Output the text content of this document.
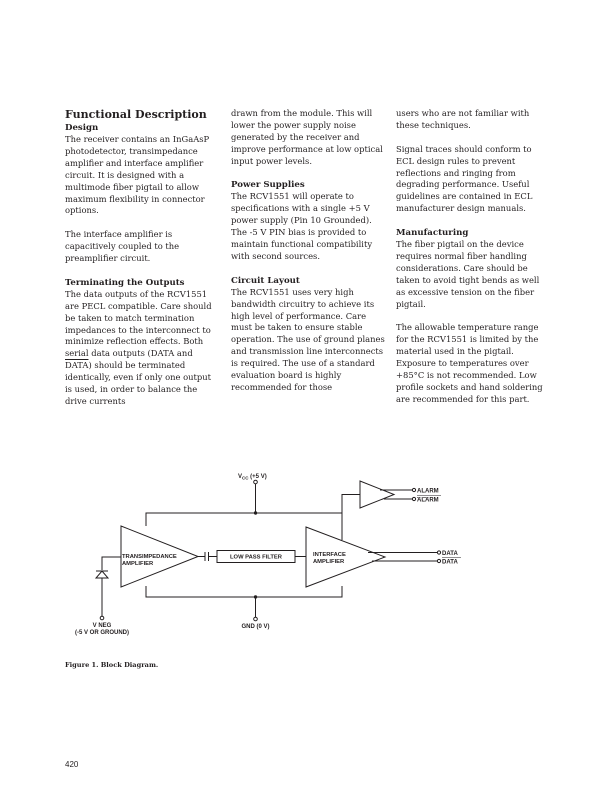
Functional Description
Design

The receiver contains an InGaAsP photodetector, transimpedance amplifier and interface amplifier circuit. It is designed with a multimode fiber pigtail to allow maximum flexibility in connector options.

The interface amplifier is capacitively coupled to the preamplifier circuit.

Terminating the Outputs

The data outputs of the RCV1551 are PECL compatible. Care should be taken to match termination impedances to the interconnect to minimize reflection effects. Both serial data outputs (DATA and DATA) should be terminated identically, even if only one output is used, in order to balance the drive currents

drawn from the module. This will lower the power supply noise generated by the receiver and improve performance at low optical input power levels.

Power Supplies

The RCV1551 will operate to specifications with a single +5 V power supply (Pin 10 Grounded). The -5 V PIN bias is provided to maintain functional compatibility with second sources.

Circuit Layout

The RCV1551 uses very high bandwidth circuitry to achieve its high level of performance. Care must be taken to ensure stable operation. The use of ground planes and transmission line interconnects is required. The use of a standard evaluation board is highly recommended for those

users who are not familiar with these techniques.

Signal traces should conform to ECL design rules to prevent reflections and ringing from degrading performance. Useful guidelines are contained in ECL manufacturer design manuals.

Manufacturing

The fiber pigtail on the device requires normal fiber handling considerations. Care should be taken to avoid tight bends as well as excessive tension on the fiber pigtail.

The allowable temperature range for the RCV1551 is limited by the material used in the pigtail. Exposure to temperatures over +85°C is not recommended. Low profile sockets and hand soldering are recommended for this part.

$V_{CC}$ (+5 V)
GND (0 V)
TRANSIMPEDANCE
AMPLIFIER
V NEG
(-5 V OR GROUND)
LOW PASS FILTER	INTERFACE
AMPLIFIER
ALARM
ALARM
DATA
DATA
Figure 1. Block Diagram.
420
